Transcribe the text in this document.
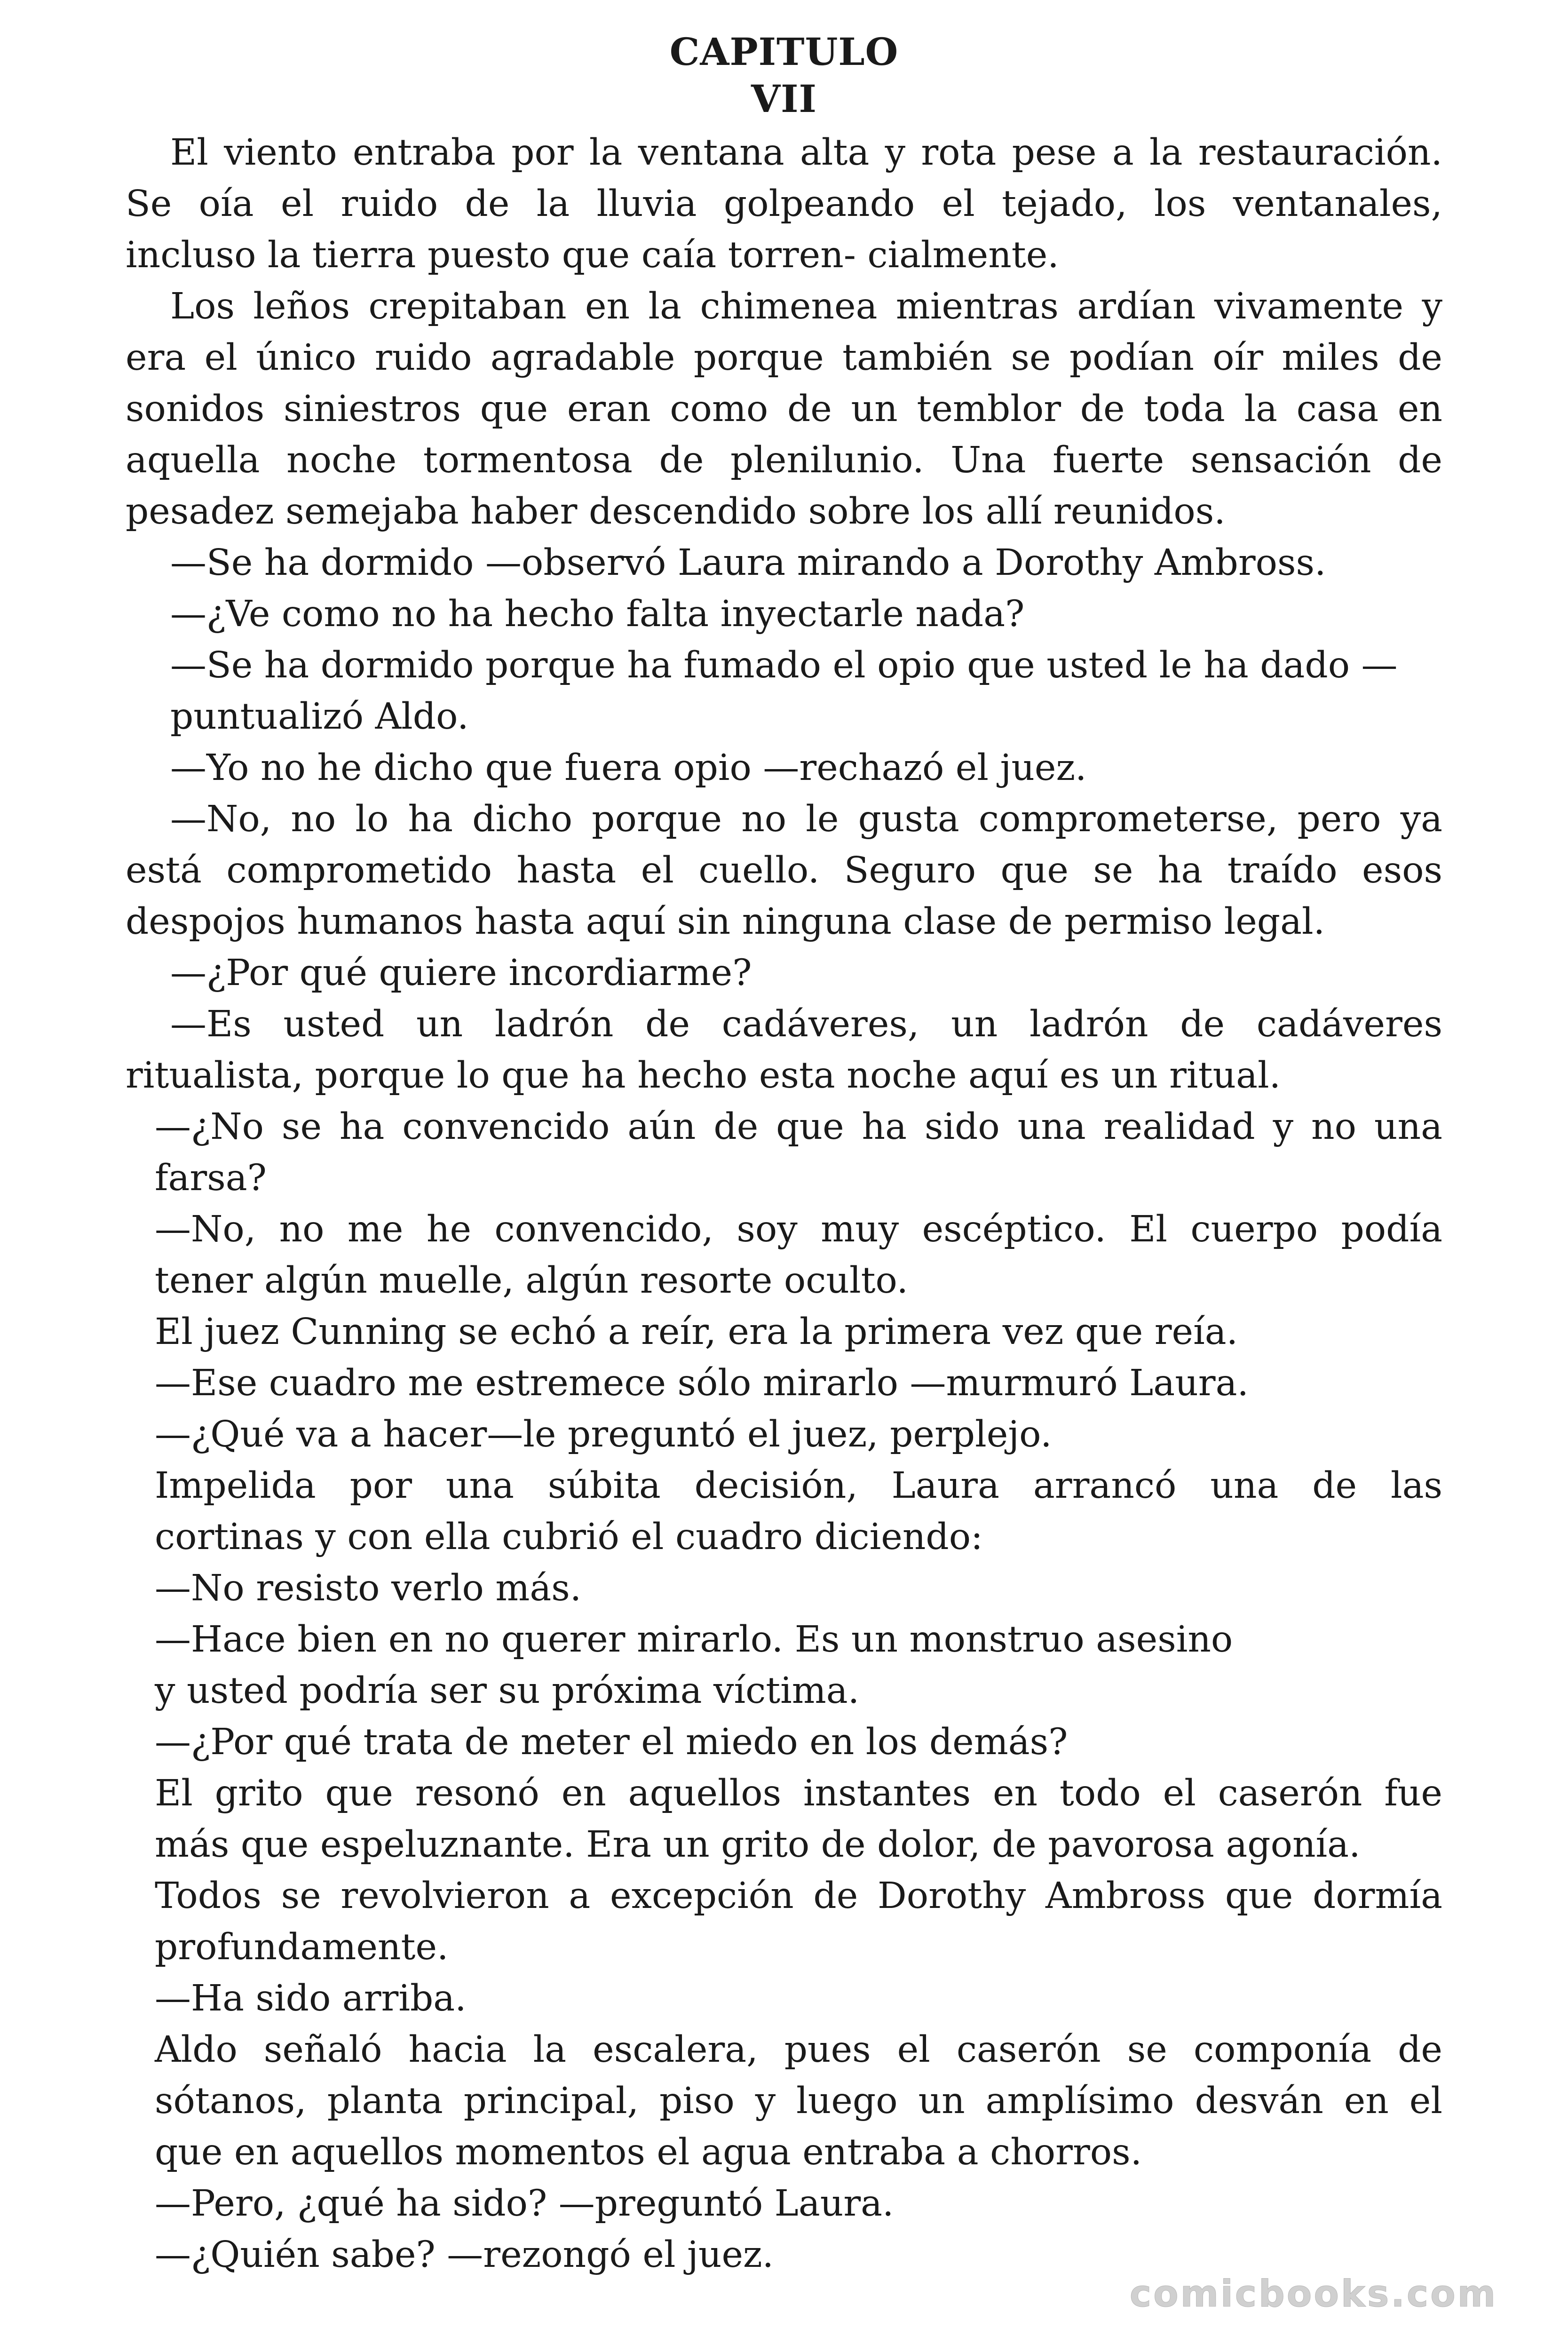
CAPITULO
VII
El viento entraba por la ventana alta y rota pese a la restauración.
Se oía el ruido de la lluvia golpeando el tejado, los ventanales,
incluso la tierra puesto que caía torren- cialmente.
Los leños crepitaban en la chimenea mientras ardían vivamente y
era el único ruido agradable porque también se podían oír miles de
sonidos siniestros que eran como de un temblor de toda la casa en
aquella noche tormentosa de plenilunio. Una fuerte sensación de
pesadez semejaba haber descendido sobre los allí reunidos.
—Se ha dormido —observó Laura mirando a Dorothy Ambross.
—¿Ve como no ha hecho falta inyectarle nada?
—Se ha dormido porque ha fumado el opio que usted le ha dado —
puntualizó Aldo.
—Yo no he dicho que fuera opio —rechazó el juez.
—No, no lo ha dicho porque no le gusta comprometerse, pero ya
está comprometido hasta el cuello. Seguro que se ha traído esos
despojos humanos hasta aquí sin ninguna clase de permiso legal.
—¿Por qué quiere incordiarme?
—Es usted un ladrón de cadáveres, un ladrón de cadáveres
ritualista, porque lo que ha hecho esta noche aquí es un ritual.
—¿No se ha convencido aún de que ha sido una realidad y no una
farsa?
—No, no me he convencido, soy muy escéptico. El cuerpo podía
tener algún muelle, algún resorte oculto.
El juez Cunning se echó a reír, era la primera vez que reía.
—Ese cuadro me estremece sólo mirarlo —murmuró Laura.
—¿Qué va a hacer—le preguntó el juez, perplejo.
Impelida por una súbita decisión, Laura arrancó una de las
cortinas y con ella cubrió el cuadro diciendo:
—No resisto verlo más.
—Hace bien en no querer mirarlo. Es un monstruo asesino
y usted podría ser su próxima víctima.
—¿Por qué trata de meter el miedo en los demás?
El grito que resonó en aquellos instantes en todo el caserón fue
más que espeluznante. Era un grito de dolor, de pavorosa agonía.
Todos se revolvieron a excepción de Dorothy Ambross que dormía
profundamente.
—Ha sido arriba.
Aldo señaló hacia la escalera, pues el caserón se componía de
sótanos, planta principal, piso y luego un amplísimo desván en el
que en aquellos momentos el agua entraba a chorros.
—Pero, ¿qué ha sido? —preguntó Laura.
—¿Quién sabe? —rezongó el juez.
comicbooks.com
